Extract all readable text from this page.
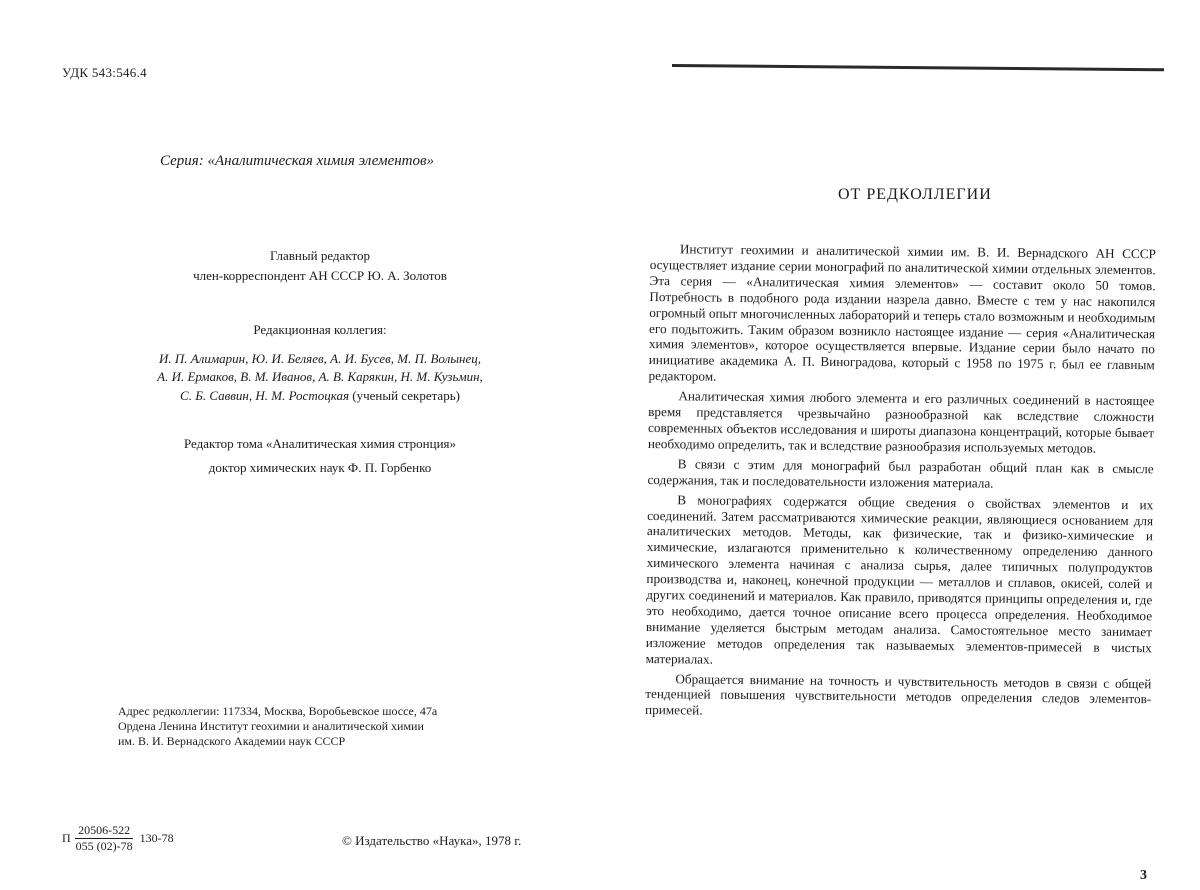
УДК 543:546.4
Серия: «Аналитическая химия элементов»
Главный редактор
член-корреспондент АН СССР Ю. А. Золотов
Редакционная коллегия:
И. П. Алимарин, Ю. И. Беляев, А. И. Бусев, М. П. Волынец,
А. И. Ермаков, В. М. Иванов, А. В. Карякин, Н. М. Кузьмин,
С. Б. Саввин, Н. М. Ростоцкая (ученый секретарь)
Редактор тома «Аналитическая химия стронция»
доктор химических наук Ф. П. Горбенко
Адрес редколлегии: 117334, Москва, Воробьевское шоссе, 47а
Ордена Ленина Институт геохимии и аналитической химии
им. В. И. Вернадского Академии наук СССР
П $\frac{20506-522}{055 (02)-78} 130-78$	© Издательство «Наука», 1978 г.
ОТ РЕДКОЛЛЕГИИ

Институт геохимии и аналитической химии им. В. И. Вернадского АН СССР осуществляет издание серии монографий по аналитической химии отдельных элементов. Эта серия — «Аналитическая химия элементов» — составит около 50 томов. Потребность в подобного рода издании назрела давно. Вместе с тем у нас накопился огромный опыт многочисленных лабораторий и теперь стало возможным и необходимым его подытожить. Таким образом возникло настоящее издание — серия «Аналитическая химия элементов», которое осуществляется впервые. Издание серии было начато по инициативе академика А. П. Виноградова, который с 1958 по 1975 г. был ее главным редактором.

Аналитическая химия любого элемента и его различных соединений в настоящее время представляется чрезвычайно разнообразной как вследствие сложности современных объектов исследования и широты диапазона концентраций, которые бывает необходимо определить, так и вследствие разнообразия используемых методов.

В связи с этим для монографий был разработан общий план как в смысле содержания, так и последовательности изложения материала.

В монографиях содержатся общие сведения о свойствах элементов и их соединений. Затем рассматриваются химические реакции, являющиеся основанием для аналитических методов. Методы, как физические, так и физико-химические и химические, излагаются применительно к количественному определению данного химического элемента начиная с анализа сырья, далее типичных полупродуктов производства и, наконец, конечной продукции — металлов и сплавов, окисей, солей и других соединений и материалов. Как правило, приводятся принципы определения и, где это необходимо, дается точное описание всего процесса определения. Необходимое внимание уделяется быстрым методам анализа. Самостоятельное место занимает изложение методов определения так называемых элементов-примесей в чистых материалах.

Обращается внимание на точность и чувствительность методов в связи с общей тенденцией повышения чувствительности методов определения следов элементов-примесей.

3
